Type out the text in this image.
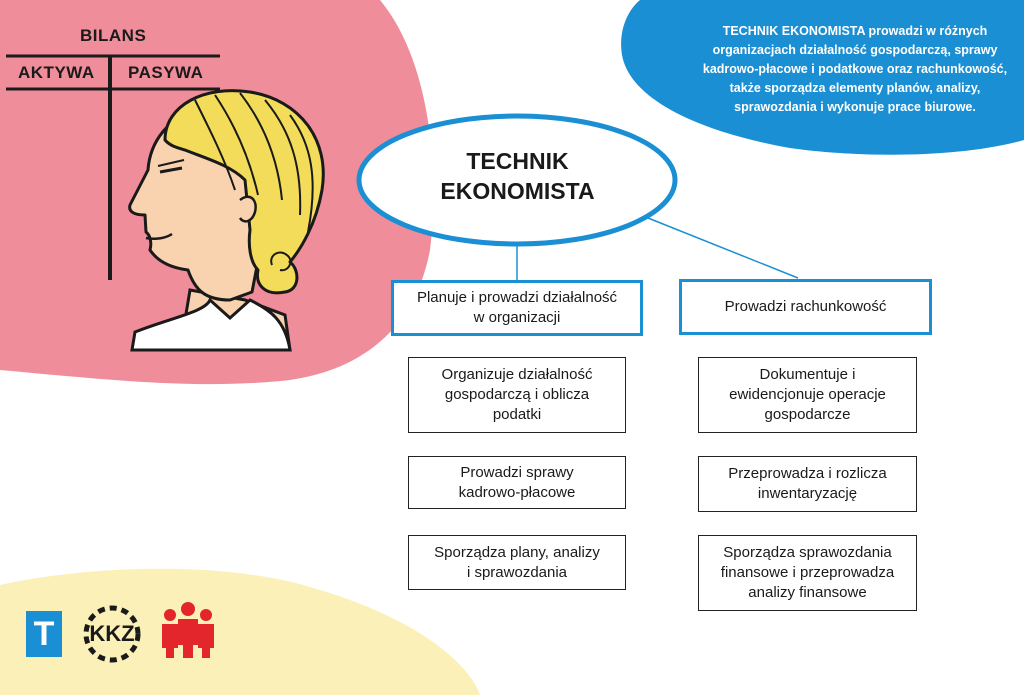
BILANS
AKTYWA PASYWA
TECHNIK EKONOMISTA prowadzi w różnych organizacjach działalność gospodarczą, sprawy kadrowo-płacowe i podatkowe oraz rachunkowość, także sporządza elementy planów, analizy, sprawozdania i wykonuje prace biurowe.
TECHNIK
EKONOMISTA
Planuje i prowadzi działalność w organizacji
Organizuje działalność gospodarczą i oblicza podatki
Prowadzi sprawy kadrowo-płacowe
Sporządza plany, analizy i sprawozdania
Prowadzi rachunkowość
Dokumentuje i ewidencjonuje operacje gospodarcze
Przeprowadza i rozlicza inwentaryzację
Sporządza sprawozdania finansowe i przeprowadza analizy finansowe
T	KKZ
